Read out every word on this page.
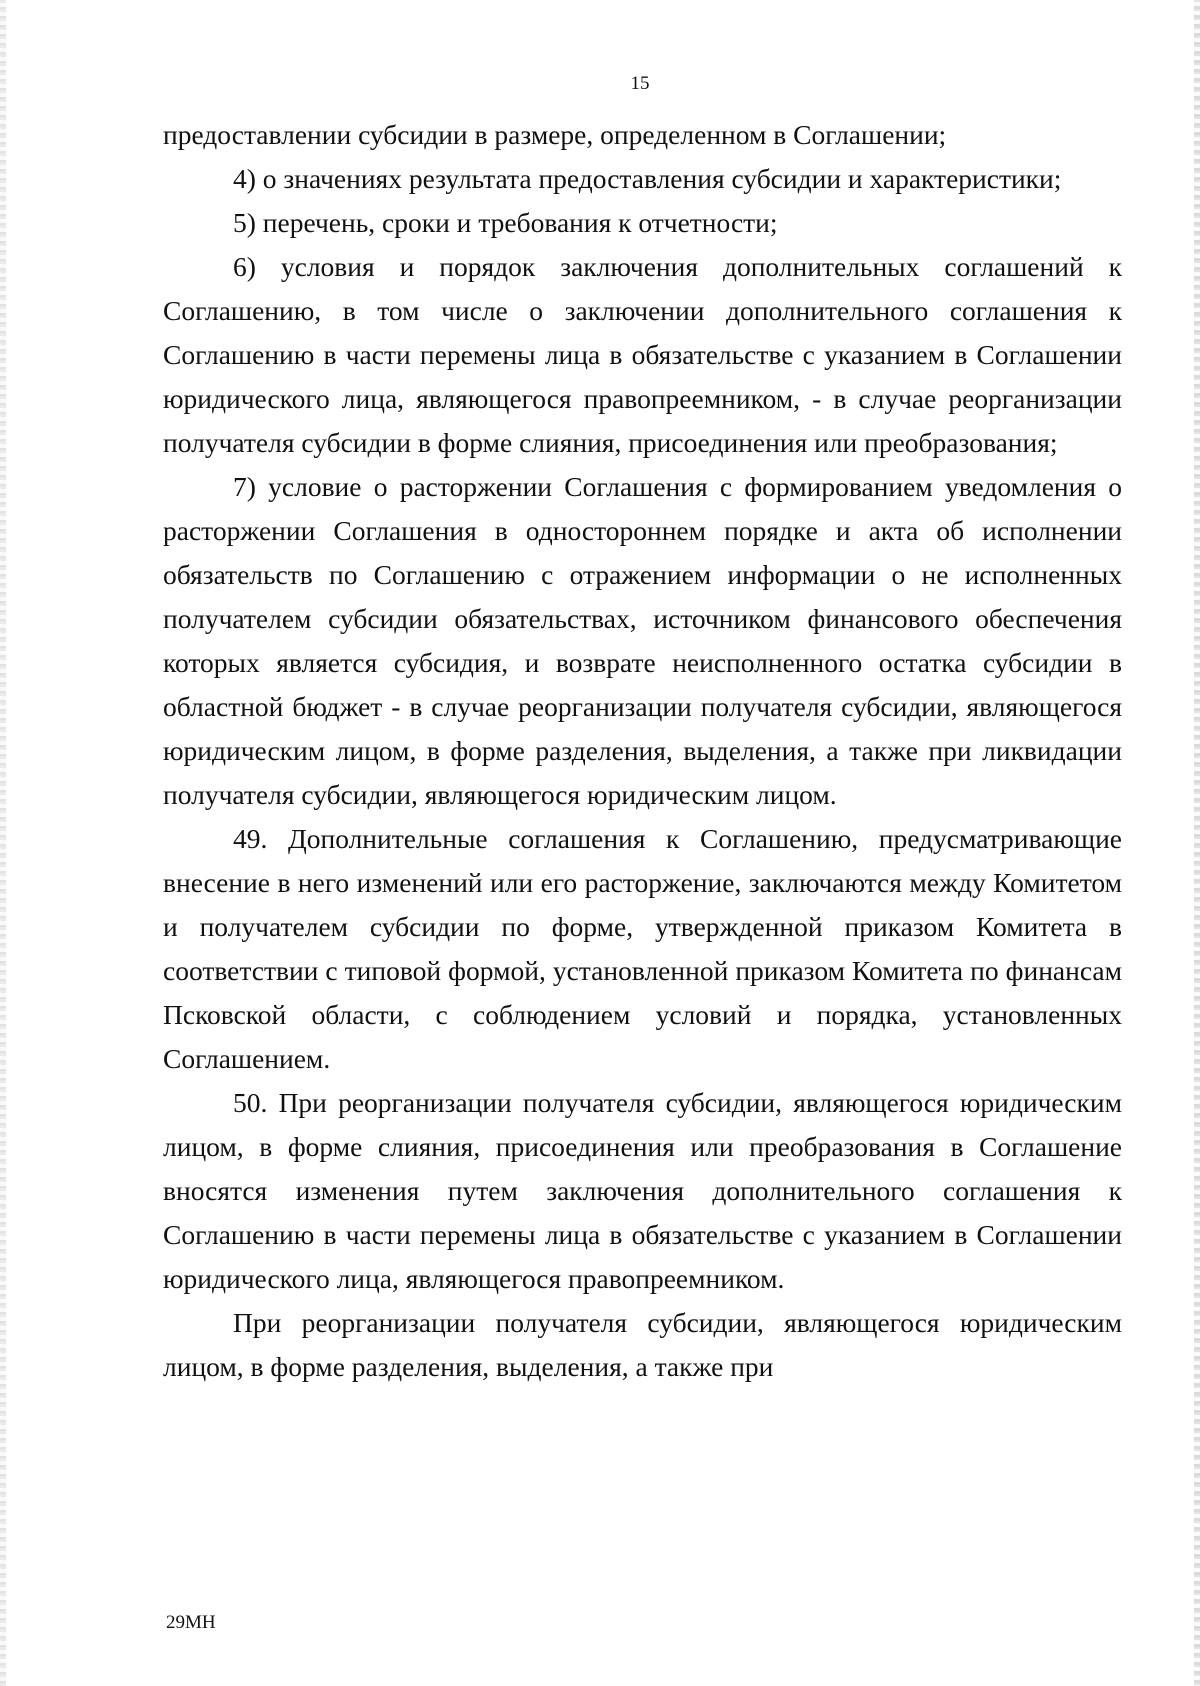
15

предоставлении субсидии в размере, определенном в Соглашении;

4) о значениях результата предоставления субсидии и характеристики;

5) перечень, сроки и требования к отчетности;

6) условия и порядок заключения дополнительных соглашений к Соглашению, в том числе о заключении дополнительного соглашения к Соглашению в части перемены лица в обязательстве с указанием в Соглашении юридического лица, являющегося правопреемником, - в случае реорганизации получателя субсидии в форме слияния, присоединения или преобразования;

7) условие о расторжении Соглашения с формированием уведомления о расторжении Соглашения в одностороннем порядке и акта об исполнении обязательств по Соглашению с отражением информации о не исполненных получателем субсидии обязательствах, источником финансового обеспечения которых является субсидия, и возврате неисполненного остатка субсидии в областной бюджет - в случае реорганизации получателя субсидии, являющегося юридическим лицом, в форме разделения, выделения, а также при ликвидации получателя субсидии, являющегося юридическим лицом.

49. Дополнительные соглашения к Соглашению, предусматривающие внесение в него изменений или его расторжение, заключаются между Комитетом и получателем субсидии по форме, утвержденной приказом Комитета в соответствии с типовой формой, установленной приказом Комитета по финансам Псковской области, с соблюдением условий и порядка, установленных Соглашением.

50. При реорганизации получателя субсидии, являющегося юридическим лицом, в форме слияния, присоединения или преобразования в Соглашение вносятся изменения путем заключения дополнительного соглашения к Соглашению в части перемены лица в обязательстве с указанием в Соглашении юридического лица, являющегося правопреемником.

При реорганизации получателя субсидии, являющегося юридическим лицом, в форме разделения, выделения, а также при

29МН
